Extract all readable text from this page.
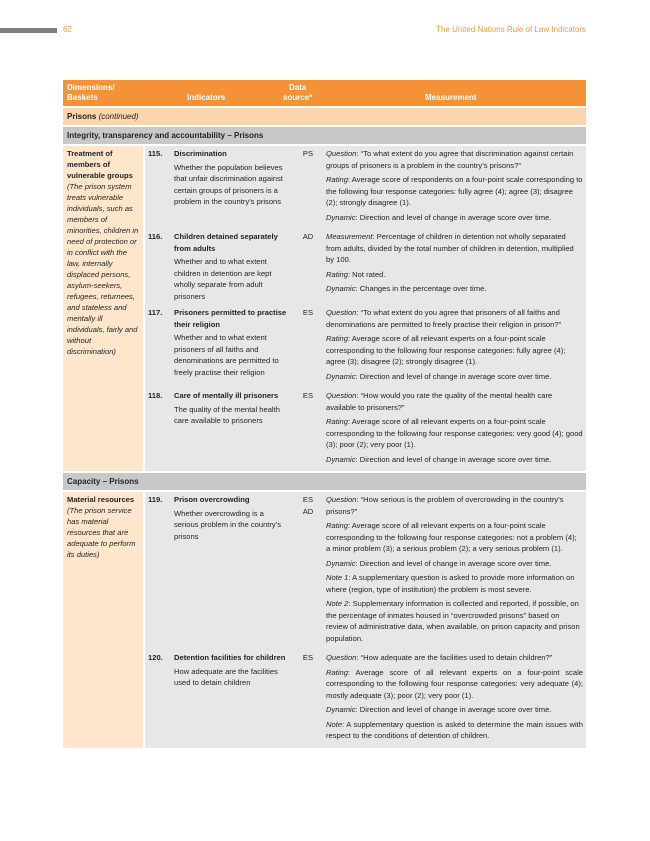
62	The United Nations Rule of Law Indicators
Dimensions/
Baskets	Indicators
Data
source*	Measurement
Prisons (continued)
Integrity, transparency and accountability – Prisons
Treatment of members of vulnerable groups
(The prison system treats vulnerable individuals, such as members of minorities, children in need of protection or in conflict with the law, internally displaced persons, asylum-seekers, refugees, returnees, and stateless and mentally ill individuals, fairly and without discrimination)
115.	Discrimination
Whether the population believes that unfair discrimination against certain groups of prisoners is a problem in the country’s prisons
PS	Question: “To what extent do you agree that discrimination against certain groups of prisoners is a problem in the country’s prisons?”

Rating: Average score of respondents on a four-point scale corresponding to the following four response categories: fully agree (4); agree (3); disagree (2); strongly disagree (1).

Dynamic: Direction and level of change in average score over time.

116.	Children detained separately from adults
Whether and to what extent children in detention are kept wholly separate from adult prisoners
AD	Measurement: Percentage of children in detention not wholly separated from adults, divided by the total number of children in detention, multiplied by 100.

Rating: Not rated.

Dynamic: Changes in the percentage over time.

117.	Prisoners permitted to practise their religion
Whether and to what extent prisoners of all faiths and denominations are permitted to freely practise their religion
ES	Question: “To what extent do you agree that prisoners of all faiths and denominations are permitted to freely practise their religion in prison?”

Rating: Average score of all relevant experts on a four-point scale corresponding to the following four response categories: fully agree (4); agree (3); disagree (2); strongly disagree (1).

Dynamic: Direction and level of change in average score over time.

118.	Care of mentally ill prisoners
The quality of the mental health care available to prisoners
ES	Question: “How would you rate the quality of the mental health care available to prisoners?”

Rating: Average score of all relevant experts on a four-point scale corresponding to the following four response categories: very good (4); good (3); poor (2); very poor (1).

Dynamic: Direction and level of change in average score over time.

Capacity – Prisons
Material resources
(The prison service has material resources that are adequate to perform its duties)
119.	Prison overcrowding
Whether overcrowding is a serious problem in the country’s prisons
ES
AD

Question: “How serious is the problem of overcrowding in the country’s prisons?”

Rating: Average score of all relevant experts on a four-point scale corresponding to the following four response categories: not a problem (4); a minor problem (3); a serious problem (2); a very serious problem (1).

Dynamic: Direction and level of change in average score over time.

Note 1: A supplementary question is asked to provide more information on where (region, type of institution) the problem is most severe.

Note 2: Supplementary information is collected and reported, if possible, on the percentage of inmates housed in “overcrowded prisons” based on review of administrative data, when available, on prison capacity and prison population.

120.	Detention facilities for children
How adequate are the facilities used to detain children
ES	Question: “How adequate are the facilities used to detain children?”

Rating: Average score of all relevant experts on a four-point scale corresponding to the following four response categories: very adequate (4); mostly adequate (3); poor (2); very poor (1).

Dynamic: Direction and level of change in average score over time.

Note: A supplementary question is asked to determine the main issues with respect to the conditions of detention of children.
